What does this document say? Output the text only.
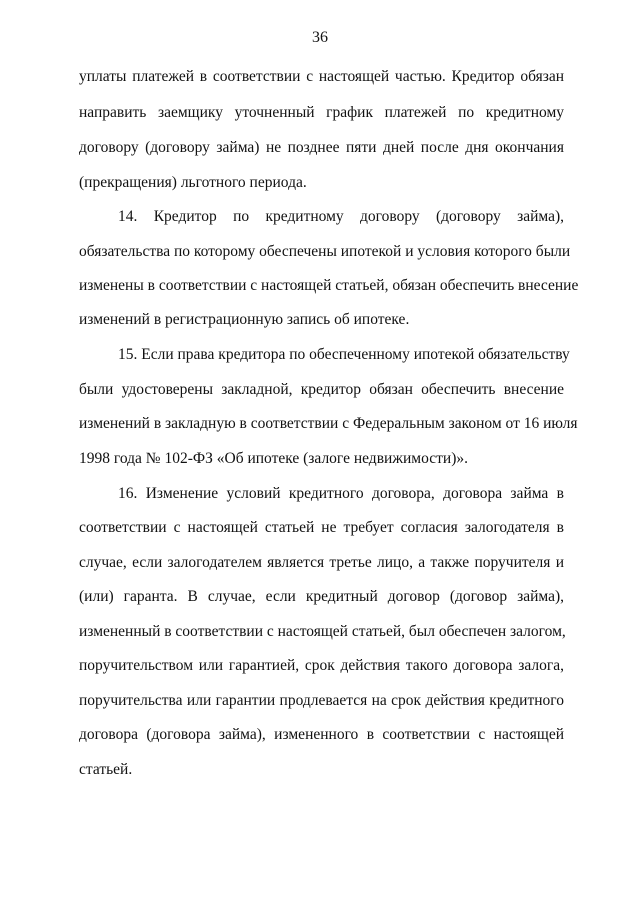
36
уплаты платежей в соответствии с настоящей частью. Кредитор обязан
направить заемщику уточненный график платежей по кредитному
договору (договору займа) не позднее пяти дней после дня окончания
(прекращения) льготного периода.
14. Кредитор по кредитному договору (договору займа),
обязательства по которому обеспечены ипотекой и условия которого были
изменены в соответствии с настоящей статьей, обязан обеспечить внесение
изменений в регистрационную запись об ипотеке.
15. Если права кредитора по обеспеченному ипотекой обязательству
были удостоверены закладной, кредитор обязан обеспечить внесение
изменений в закладную в соответствии с Федеральным законом от 16 июля
1998 года № 102-ФЗ «Об ипотеке (залоге недвижимости)».
16. Изменение условий кредитного договора, договора займа в
соответствии с настоящей статьей не требует согласия залогодателя в
случае, если залогодателем является третье лицо, а также поручителя и
(или) гаранта. В случае, если кредитный договор (договор займа),
измененный в соответствии с настоящей статьей, был обеспечен залогом,
поручительством или гарантией, срок действия такого договора залога,
поручительства или гарантии продлевается на срок действия кредитного
договора (договора займа), измененного в соответствии с настоящей
статьей.
